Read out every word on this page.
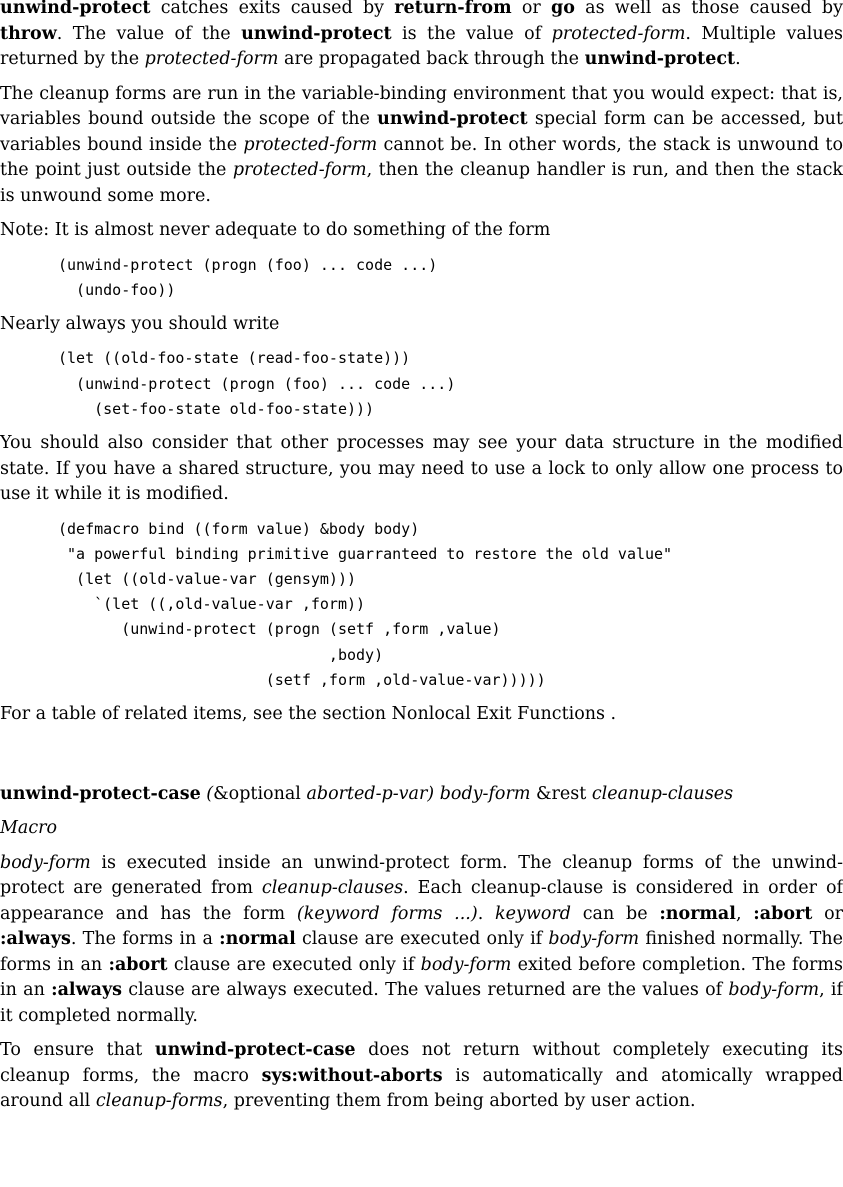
unwind-protect catches exits caused by return-from or go as well as those caused by throw. The value of the unwind-protect is the value of protected-form. Multiple values returned by the protected-form are propagated back through the unwind-protect.

The cleanup forms are run in the variable-binding environment that you would expect: that is, variables bound outside the scope of the unwind-protect special form can be accessed, but variables bound inside the protected-form cannot be. In other words, the stack is unwound to the point just outside the protected-form, then the cleanup handler is run, and then the stack is unwound some more.

Note: It is almost never adequate to do something of the form

(unwind-protect (progn (foo) ... code ...)
(undo-foo))

Nearly always you should write

(let ((old-foo-state (read-foo-state)))
(unwind-protect (progn (foo) ... code ...)
(set-foo-state old-foo-state)))

You should also consider that other processes may see your data structure in the modified state. If you have a shared structure, you may need to use a lock to only allow one process to use it while it is modified.

(defmacro bind ((form value) &body body)
"a powerful binding primitive guarranteed to restore the old value"
(let ((old-value-var (gensym)))
`(let ((,old-value-var ,form))
(unwind-protect (progn (setf ,form ,value)
,body)
(setf ,form ,old-value-var)))))

For a table of related items, see the section Nonlocal Exit Functions .

unwind-protect-case (&optional aborted-p-var) body-form &rest cleanup-clauses

Macro

body-form is executed inside an unwind-protect form. The cleanup forms of the unwind-protect are generated from cleanup-clauses. Each cleanup-clause is considered in order of appearance and has the form (keyword forms ...). keyword can be :normal, :abort or :always. The forms in a :normal clause are executed only if body-form finished normally. The forms in an :abort clause are executed only if body-form exited before completion. The forms in an :always clause are always executed. The values returned are the values of body-form, if it completed normally.

To ensure that unwind-protect-case does not return without completely executing its cleanup forms, the macro sys:without-aborts is automatically and atomically wrapped around all cleanup-forms, preventing them from being aborted by user action.
